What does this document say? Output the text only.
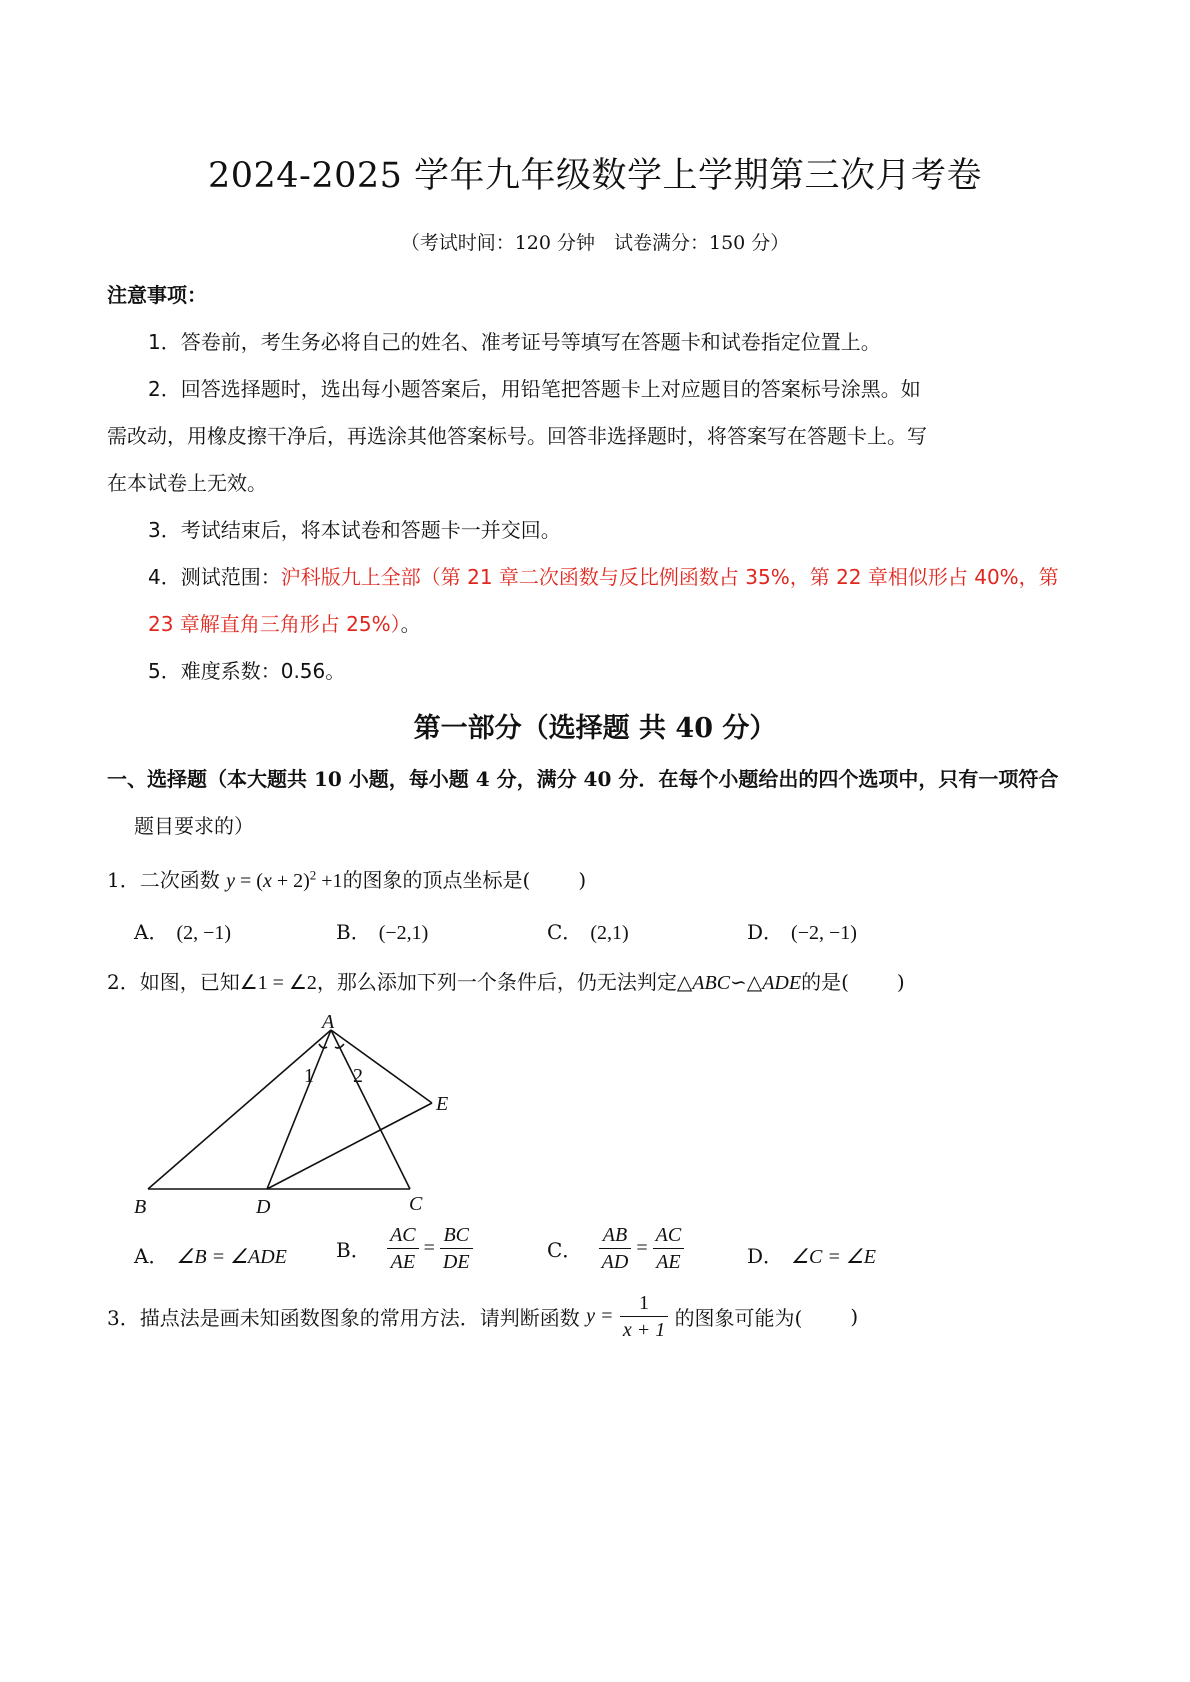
2024-2025 学年九年级数学上学期第三次月考卷
（考试时间：120 分钟　试卷满分：150 分）
注意事项：
1．答卷前，考生务必将自己的姓名、准考证号等填写在答题卡和试卷指定位置上。
2．回答选择题时，选出每小题答案后，用铅笔把答题卡上对应题目的答案标号涂黑。如
需改动，用橡皮擦干净后，再选涂其他答案标号。回答非选择题时，将答案写在答题卡上。写
在本试卷上无效。
3．考试结束后，将本试卷和答题卡一并交回。
4．测试范围：沪科版九上全部（第 21 章二次函数与反比例函数占 35%，第 22 章相似形占 40%，第
23 章解直角三角形占 25%）。
5．难度系数：0.56。
第一部分（选择题 共 40 分）
一、选择题（本大题共 10 小题，每小题 4 分，满分 40 分．在每个小题给出的四个选项中，只有一项符合
题目要求的）
1．二次函数 $y = (x + 2)^2 +1$的图象的顶点坐标是( )
A． (2, −1)	B． (−2,1)	C． (2,1)	D． (−2, −1)
2．如图，已知∠1 = ∠2，那么添加下列一个条件后，仍无法判定△ABC∽△ADE的是( )
A
B	D	C
E
1 2
A． ∠B = ∠ADE B． $\frac{AC}{AE} = \frac{BC}{DE}$	C． $\frac{AB}{AD} = \frac{AC}{AE}$	D． ∠C = ∠E
3．描点法是画未知函数图象的常用方法．请判断函数 $y = \frac{1}{x + 1}$ 的图象可能为( )
